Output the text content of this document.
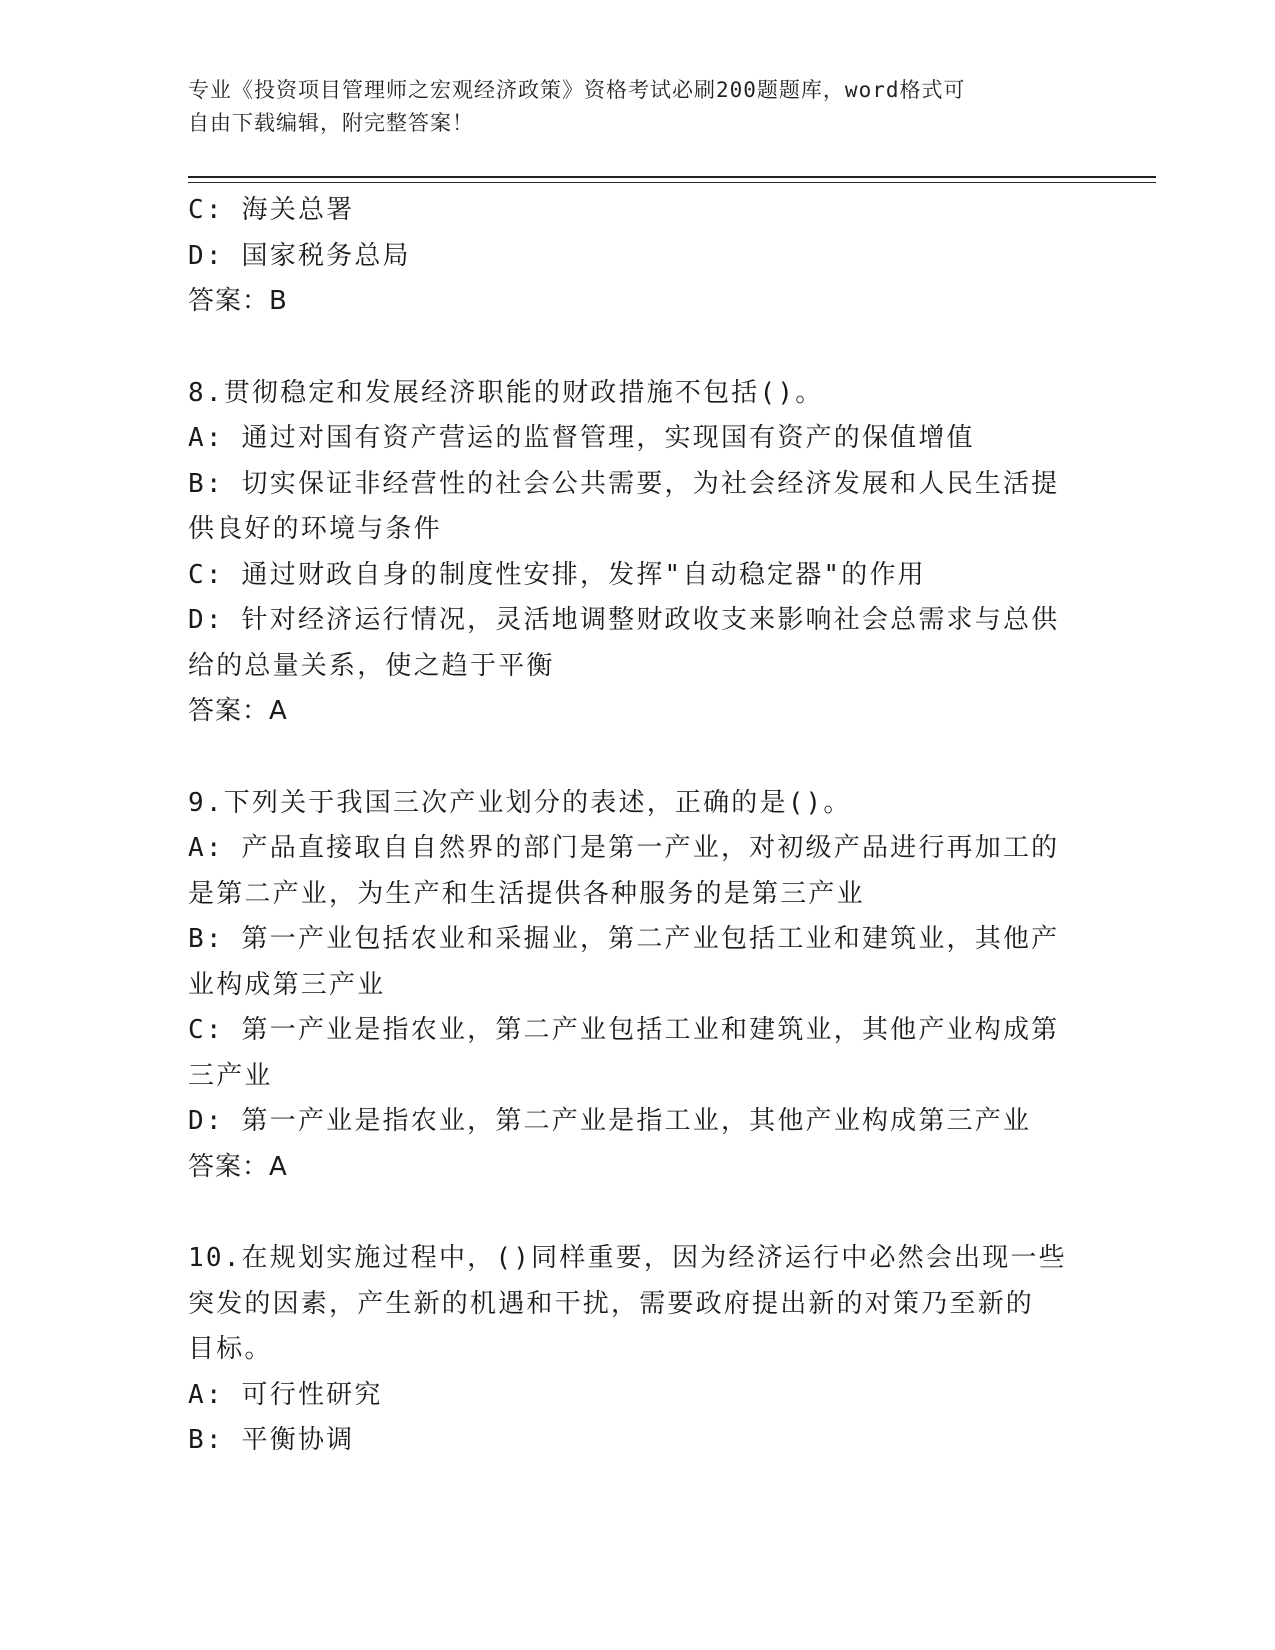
专业《投资项目管理师之宏观经济政策》资格考试必刷200题题库，word格式可
自由下载编辑，附完整答案！
C: 海关总署
D: 国家税务总局
答案：B
8.贯彻稳定和发展经济职能的财政措施不包括()。
A: 通过对国有资产营运的监督管理，实现国有资产的保值增值
B: 切实保证非经营性的社会公共需要，为社会经济发展和人民生活提
供良好的环境与条件
C: 通过财政自身的制度性安排，发挥"自动稳定器"的作用
D: 针对经济运行情况，灵活地调整财政收支来影响社会总需求与总供
给的总量关系，使之趋于平衡
答案：A
9.下列关于我国三次产业划分的表述，正确的是()。
A: 产品直接取自自然界的部门是第一产业，对初级产品进行再加工的
是第二产业，为生产和生活提供各种服务的是第三产业
B: 第一产业包括农业和采掘业，第二产业包括工业和建筑业，其他产
业构成第三产业
C: 第一产业是指农业，第二产业包括工业和建筑业，其他产业构成第
三产业
D: 第一产业是指农业，第二产业是指工业，其他产业构成第三产业
答案：A
10.在规划实施过程中，()同样重要，因为经济运行中必然会出现一些
突发的因素，产生新的机遇和干扰，需要政府提出新的对策乃至新的
目标。
A: 可行性研究
B: 平衡协调
